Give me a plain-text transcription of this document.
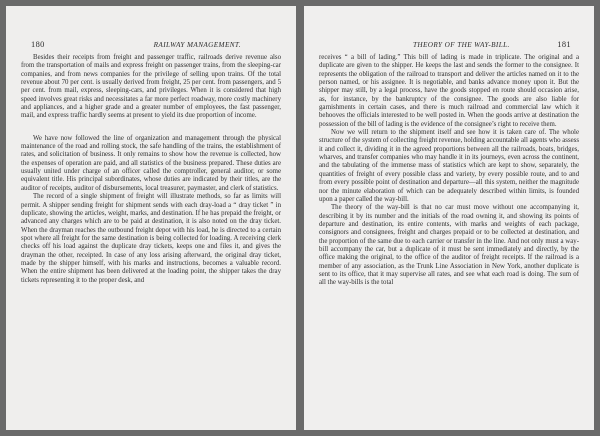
180	RAILWAY MANAGEMENT.

Besides their receipts from freight and passenger traffic, railroads derive revenue also from the transportation of mails and express freight on passenger trains, from the sleeping-car companies, and from news companies for the privilege of selling upon trains. Of the total revenue about 70 per cent. is usually derived from freight, 25 per cent. from passengers, and 5 per cent. from mail, express, sleeping-cars, and privileges. When it is considered that high speed involves great risks and necessitates a far more perfect roadway, more costly machinery and appliances, and a higher grade and a greater number of employees, the fast passenger, mail, and express traffic hardly seems at present to yield its due proportion of income.

We have now followed the line of organization and management through the physical maintenance of the road and rolling stock, the safe handling of the trains, the establishment of rates, and solicitation of business. It only remains to show how the revenue is collected, how the expenses of operation are paid, and all statistics of the business prepared. These duties are usually united under charge of an officer called the comptroller, general auditor, or some equivalent title. His principal subordinates, whose duties are indicated by their titles, are the auditor of receipts, auditor of disbursements, local treasurer, paymaster, and clerk of statistics.

The record of a single shipment of freight will illustrate methods, so far as limits will permit. A shipper sending freight for shipment sends with each dray-load a “ dray ticket ” in duplicate, showing the articles, weight, marks, and destination. If he has prepaid the freight, or advanced any charges which are to be paid at destination, it is also noted on the dray ticket. When the drayman reaches the outbound freight depot with his load, he is directed to a certain spot where all freight for the same destination is being collected for loading. A receiving clerk checks off his load against the duplicate dray tickets, keeps one and files it, and gives the drayman the other, receipted. In case of any loss arising afterward, the original dray ticket, made by the shipper himself, with his marks and instructions, becomes a valuable record. When the entire shipment has been delivered at the loading point, the shipper takes the dray tickets representing it to the proper desk, and

THEORY OF THE WAY-BILL.	181

receives “ a bill of lading.” This bill of lading is made in triplicate. The original and a duplicate are given to the shipper. He keeps the last and sends the former to the consignee. It represents the obligation of the railroad to transport and deliver the articles named on it to the person named, or his assignee. It is negotiable, and banks advance money upon it. But the shipper may still, by a legal process, have the goods stopped en route should occasion arise, as, for instance, by the bankruptcy of the consignee. The goods are also liable for garnishments in certain cases, and there is much railroad and commercial law which it behooves the officials interested to be well posted in. When the goods arrive at destination the possession of the bill of lading is the evidence of the consignee’s right to receive them.

Now we will return to the shipment itself and see how it is taken care of. The whole structure of the system of collecting freight revenue, holding accountable all agents who assess it and collect it, dividing it in the agreed proportions between all the railroads, boats, bridges, wharves, and transfer companies who may handle it in its journeys, even across the continent, and the tabulating of the immense mass of statistics which are kept to show, separately, the quantities of freight of every possible class and variety, by every possible route, and to and from every possible point of destination and departure—all this system, neither the magnitude nor the minute elaboration of which can be adequately described within limits, is founded upon a paper called the way-bill.

The theory of the way-bill is that no car must move without one accompanying it, describing it by its number and the initials of the road owning it, and showing its points of departure and destination, its entire contents, with marks and weights of each package, consignors and consignees, freight and charges prepaid or to be collected at destination, and the proportion of the same due to each carrier or transfer in the line. And not only must a way-bill accompany the car, but a duplicate of it must be sent immediately and directly, by the office making the original, to the office of the auditor of freight receipts. If the railroad is a member of any association, as the Trunk Line Association in New York, another duplicate is sent to its office, that it may supervise all rates, and see what each road is doing. The sum of all the way-bills is the total
